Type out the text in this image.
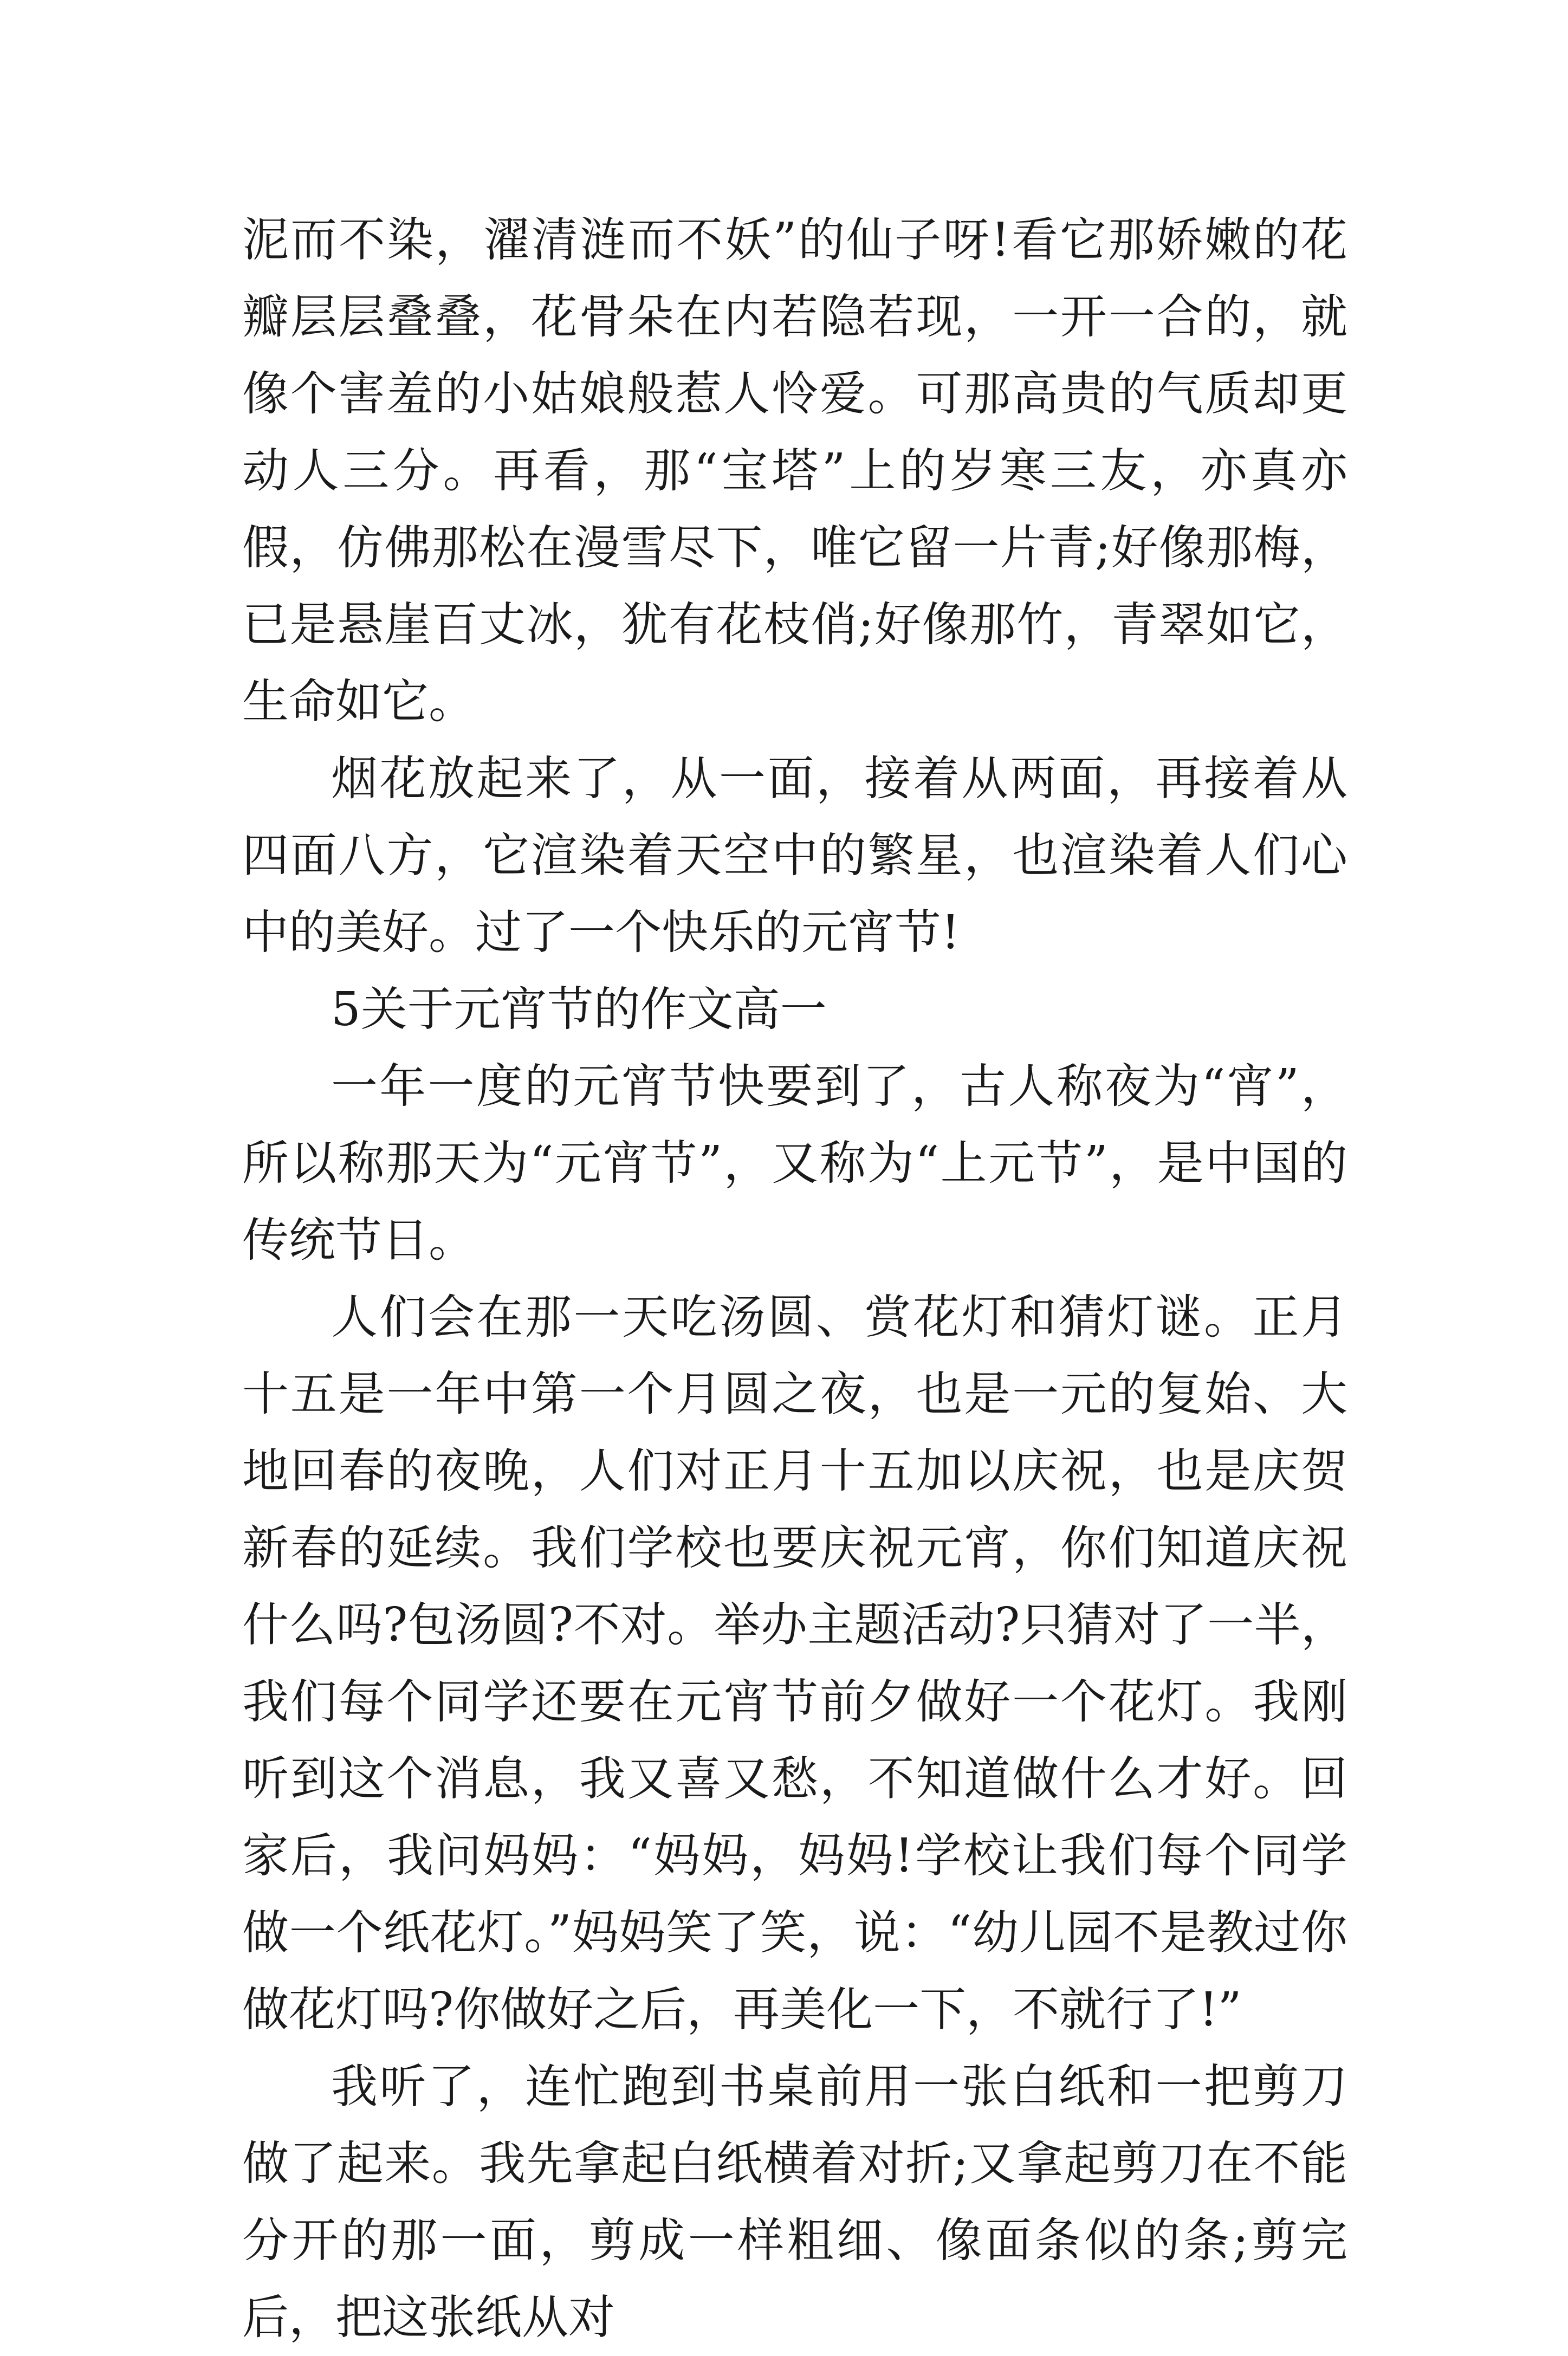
泥而不染，濯清涟而不妖”的仙子呀!看它那娇嫩的花瓣层层叠叠，花骨朵在内若隐若现，一开一合的，就像个害羞的小姑娘般惹人怜爱。可那高贵的气质却更动人三分。再看，那“宝塔”上的岁寒三友，亦真亦假，仿佛那松在漫雪尽下，唯它留一片青;好像那梅，已是悬崖百丈冰，犹有花枝俏;好像那竹，青翠如它，生命如它。

烟花放起来了，从一面，接着从两面，再接着从四面八方，它渲染着天空中的繁星，也渲染着人们心中的美好。过了一个快乐的元宵节!

5关于元宵节的作文高一

一年一度的元宵节快要到了，古人称夜为“宵”，所以称那天为“元宵节”，又称为“上元节”，是中国的传统节日。

人们会在那一天吃汤圆、赏花灯和猜灯谜。正月十五是一年中第一个月圆之夜，也是一元的复始、大地回春的夜晚，人们对正月十五加以庆祝，也是庆贺新春的延续。我们学校也要庆祝元宵，你们知道庆祝什么吗?包汤圆?不对。举办主题活动?只猜对了一半，我们每个同学还要在元宵节前夕做好一个花灯。我刚听到这个消息，我又喜又愁，不知道做什么才好。回家后，我问妈妈：“妈妈，妈妈!学校让我们每个同学做一个纸花灯。”妈妈笑了笑，说：“幼儿园不是教过你做花灯吗?你做好之后，再美化一下，不就行了!”

我听了，连忙跑到书桌前用一张白纸和一把剪刀做了起来。我先拿起白纸横着对折;又拿起剪刀在不能分开的那一面，剪成一样粗细、像面条似的条;剪完后，把这张纸从对
